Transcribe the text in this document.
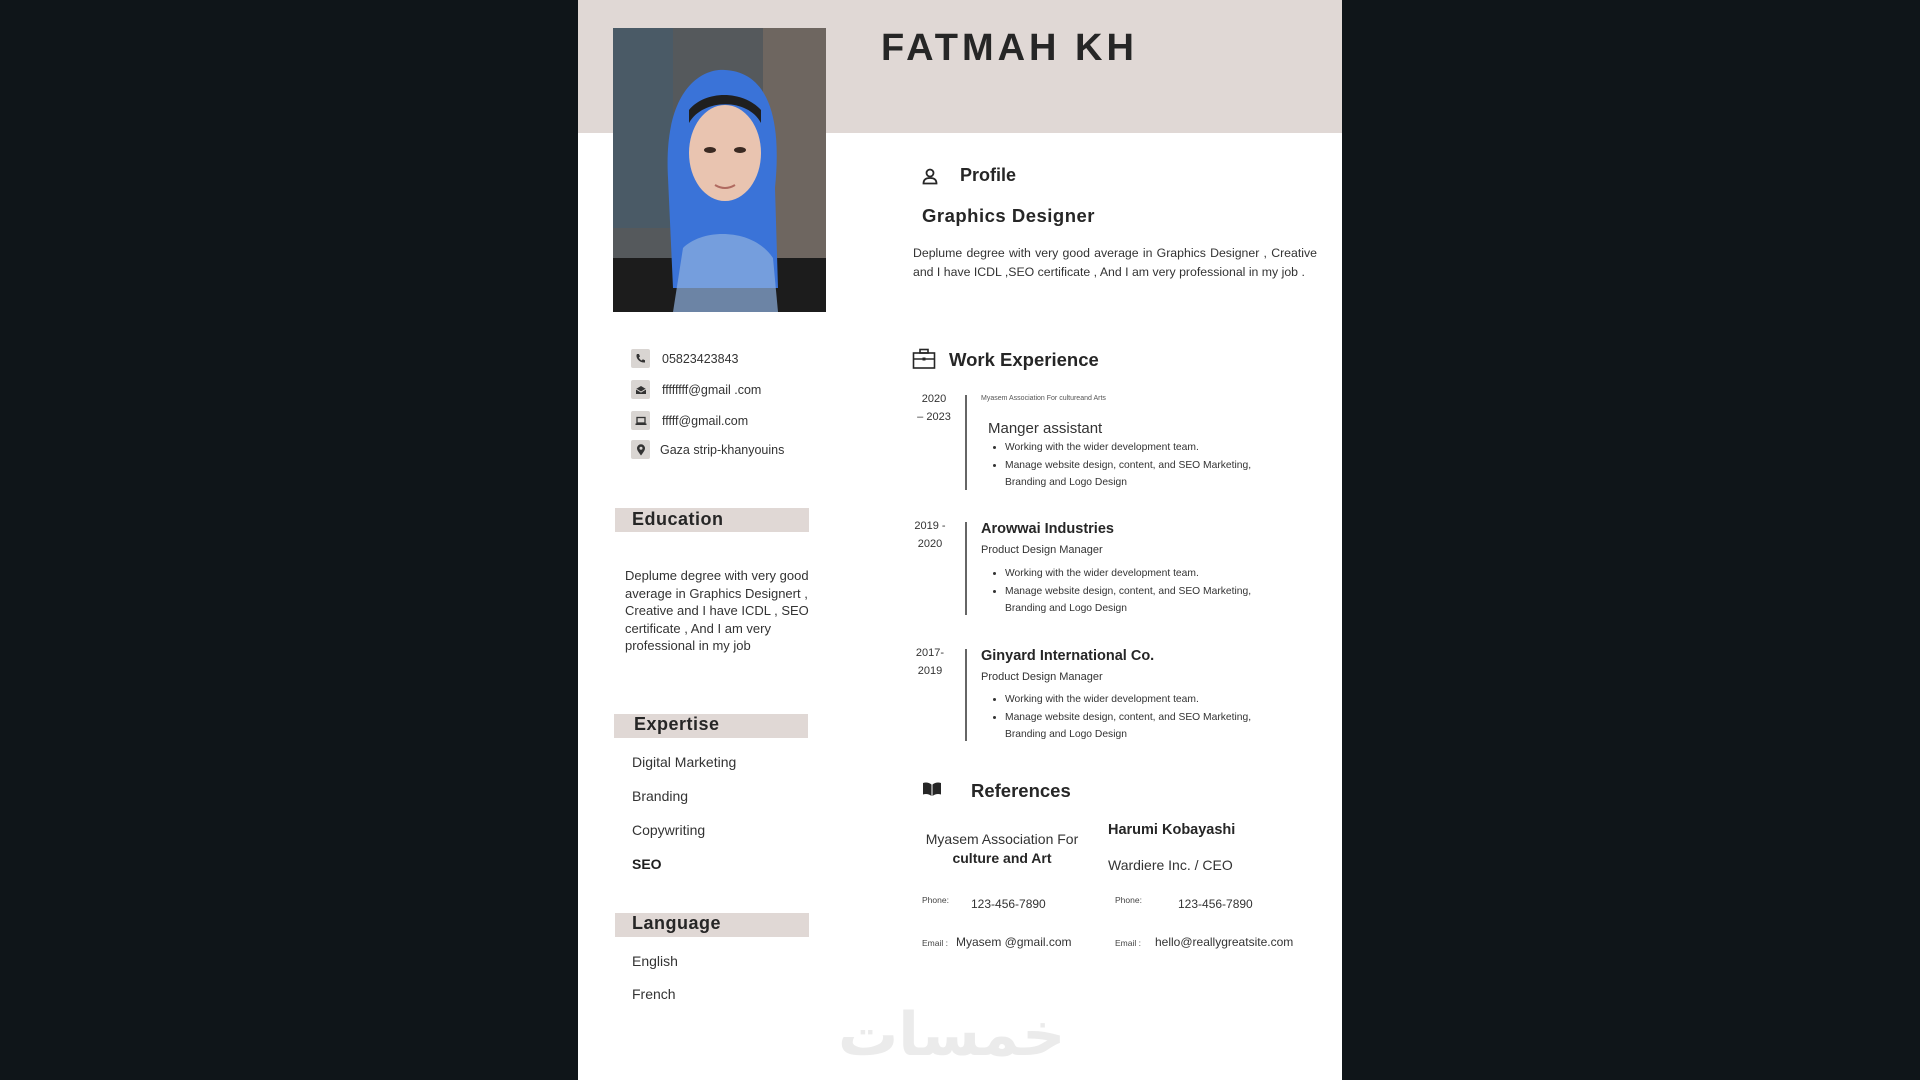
FATMAH KH
05823423843
ffffffff@gmail .com
fffff@gmail.com
Gaza strip-khanyouins
Education
Deplume degree with very good average in Graphics Designert , Creative and I have ICDL , SEO certificate , And I am very professional in my job
Expertise
Digital Marketing
Branding
Copywriting
SEO
Language
English
French
Profile
Graphics Designer
Deplume degree with very good average in Graphics Designer , Creative and I have ICDL ,SEO certificate , And I am very professional in my job .
Work Experience
2020
– 2023
Myasem Association For cultureand Arts
Manger assistant
• Working with the wider development team.
• Manage website design, content, and SEO Marketing, Branding and Logo Design
2019 -
2020
Arowwai Industries
Product Design Manager
• Working with the wider development team.
• Manage website design, content, and SEO Marketing, Branding and Logo Design
2017-
2019
Ginyard International Co.
Product Design Manager
• Working with the wider development team.
• Manage website design, content, and SEO Marketing, Branding and Logo Design
References
Myasem Association For
culture and Art
Phone: 123-456-7890
Email : Myasem @gmail.com
Harumi Kobayashi
Wardiere Inc. / CEO
Phone:	123-456-7890
Email : hello@reallygreatsite.com
خمسات
